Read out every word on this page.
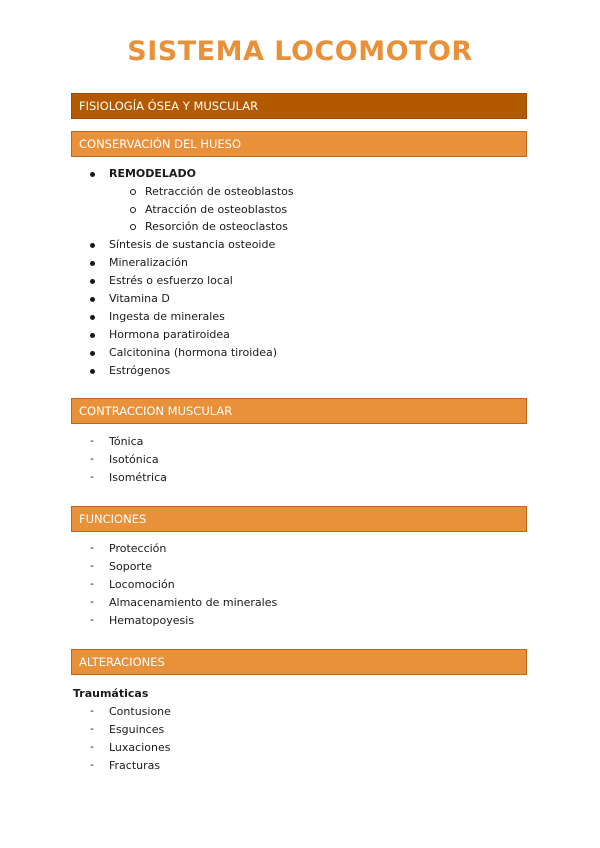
SISTEMA LOCOMOTOR
FISIOLOGÍA ÓSEA Y MUSCULAR
CONSERVACIÓN DEL HUESO
REMODELADO
Retracción de osteoblastos
Atracción de osteoblastos
Resorción de osteoclastos
Síntesis de sustancia osteoide
Mineralización
Estrés o esfuerzo local
Vitamina D
Ingesta de minerales
Hormona paratiroidea
Calcitonina (hormona tiroidea)
Estrógenos
CONTRACCION MUSCULAR
- Tónica
- Isotónica
- Isométrica
FUNCIONES
- Protección
- Soporte
- Locomoción
- Almacenamiento de minerales
- Hematopoyesis
ALTERACIONES
Traumáticas
- Contusione
- Esguinces
- Luxaciones
- Fracturas
